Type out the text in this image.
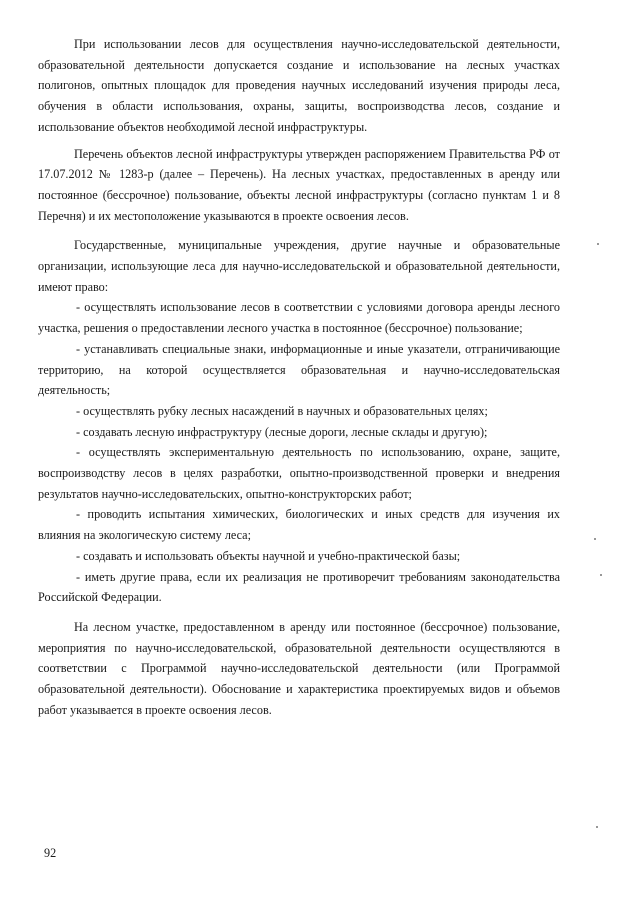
При использовании лесов для осуществления научно-исследовательской деятельности, образовательной деятельности допускается создание и использование на лесных участках полигонов, опытных площадок для проведения научных исследований изучения природы леса, обучения в области использования, охраны, защиты, воспроизводства лесов, создание и использование объектов необходимой лесной инфраструктуры.

Перечень объектов лесной инфраструктуры утвержден распоряжением Правительства РФ от 17.07.2012 № 1283-р (далее – Перечень). На лесных участках, предоставленных в аренду или постоянное (бессрочное) пользование, объекты лесной инфраструктуры (согласно пунктам 1 и 8 Перечня) и их местоположение указываются в проекте освоения лесов.

Государственные, муниципальные учреждения, другие научные и образовательные организации, использующие леса для научно-исследовательской и образовательной деятельности, имеют право:

- осуществлять использование лесов в соответствии с условиями договора аренды лесного участка, решения о предоставлении лесного участка в постоянное (бессрочное) пользование;

- устанавливать специальные знаки, информационные и иные указатели, отграничивающие территорию, на которой осуществляется образовательная и научно-исследовательская деятельность;

- осуществлять рубку лесных насаждений в научных и образовательных целях;

- создавать лесную инфраструктуру (лесные дороги, лесные склады и другую);

- осуществлять экспериментальную деятельность по использованию, охране, защите, воспроизводству лесов в целях разработки, опытно-производственной проверки и внедрения результатов научно-исследовательских, опытно-конструкторских работ;

- проводить испытания химических, биологических и иных средств для изучения их влияния на экологическую систему леса;

- создавать и использовать объекты научной и учебно-практической базы;

- иметь другие права, если их реализация не противоречит требованиям законодательства Российской Федерации.

На лесном участке, предоставленном в аренду или постоянное (бессрочное) пользование, мероприятия по научно-исследовательской, образовательной деятельности осуществляются в соответствии с Программой научно-исследовательской деятельности (или Программой образовательной деятельности). Обоснование и характеристика проектируемых видов и объемов работ указывается в проекте освоения лесов.

92
